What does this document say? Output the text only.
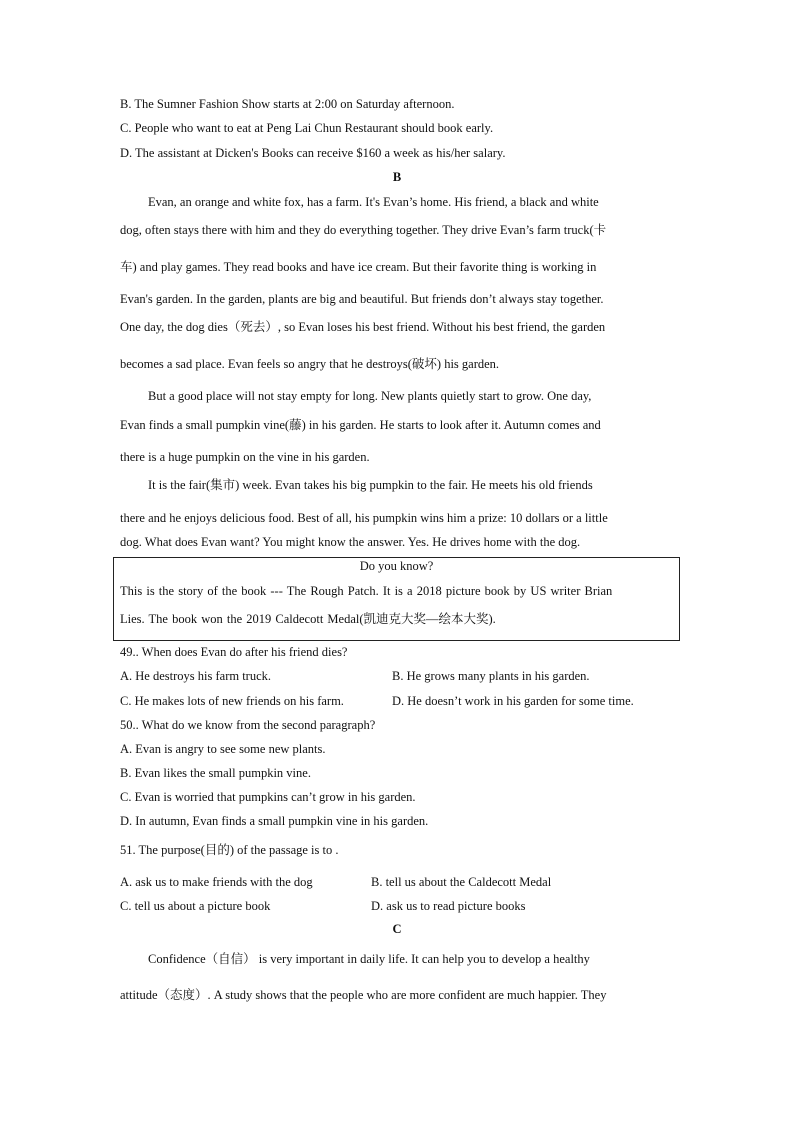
B. The Sumner Fashion Show starts at 2:00 on Saturday afternoon.
C. People who want to eat at Peng Lai Chun Restaurant should book early.
D. The assistant at Dicken's Books can receive $160 a week as his/her salary.
B
Evan, an orange and white fox, has a farm. It's Evan’s home. His friend, a black and white
dog, often stays there with him and they do everything together. They drive Evan’s farm truck(卡
车) and play games. They read books and have ice cream. But their favorite thing is working in
Evan's garden. In the garden, plants are big and beautiful. But friends don’t always stay together.
One day, the dog dies（死去）, so Evan loses his best friend. Without his best friend, the garden
becomes a sad place. Evan feels so angry that he destroys(破坏) his garden.
But a good place will not stay empty for long. New plants quietly start to grow. One day,
Evan finds a small pumpkin vine(藤) in his garden. He starts to look after it. Autumn comes and
there is a huge pumpkin on the vine in his garden.
It is the fair(集市) week. Evan takes his big pumpkin to the fair. He meets his old friends
there and he enjoys delicious food. Best of all, his pumpkin wins him a prize: 10 dollars or a little
dog. What does Evan want? You might know the answer. Yes. He drives home with the dog.
Do you know?
This is the story of the book --- The Rough Patch. It is a 2018 picture book by US writer Brian
Lies. The book won the 2019 Caldecott Medal(凯迪克大奖—绘本大奖).
49.. When does Evan do after his friend dies?
A. He destroys his farm truck.	B. He grows many plants in his garden.
C. He makes lots of new friends on his farm.	D. He doesn’t work in his garden for some time.
50.. What do we know from the second paragraph?
A. Evan is angry to see some new plants.
B. Evan likes the small pumpkin vine.
C. Evan is worried that pumpkins can’t grow in his garden.
D. In autumn, Evan finds a small pumpkin vine in his garden.
51. The purpose(目的) of the passage is to .
A. ask us to make friends with the dog	B. tell us about the Caldecott Medal
C. tell us about a picture book	D. ask us to read picture books
C
Confidence（自信） is very important in daily life. It can help you to develop a healthy
attitude（态度）. A study shows that the people who are more confident are much happier. They
